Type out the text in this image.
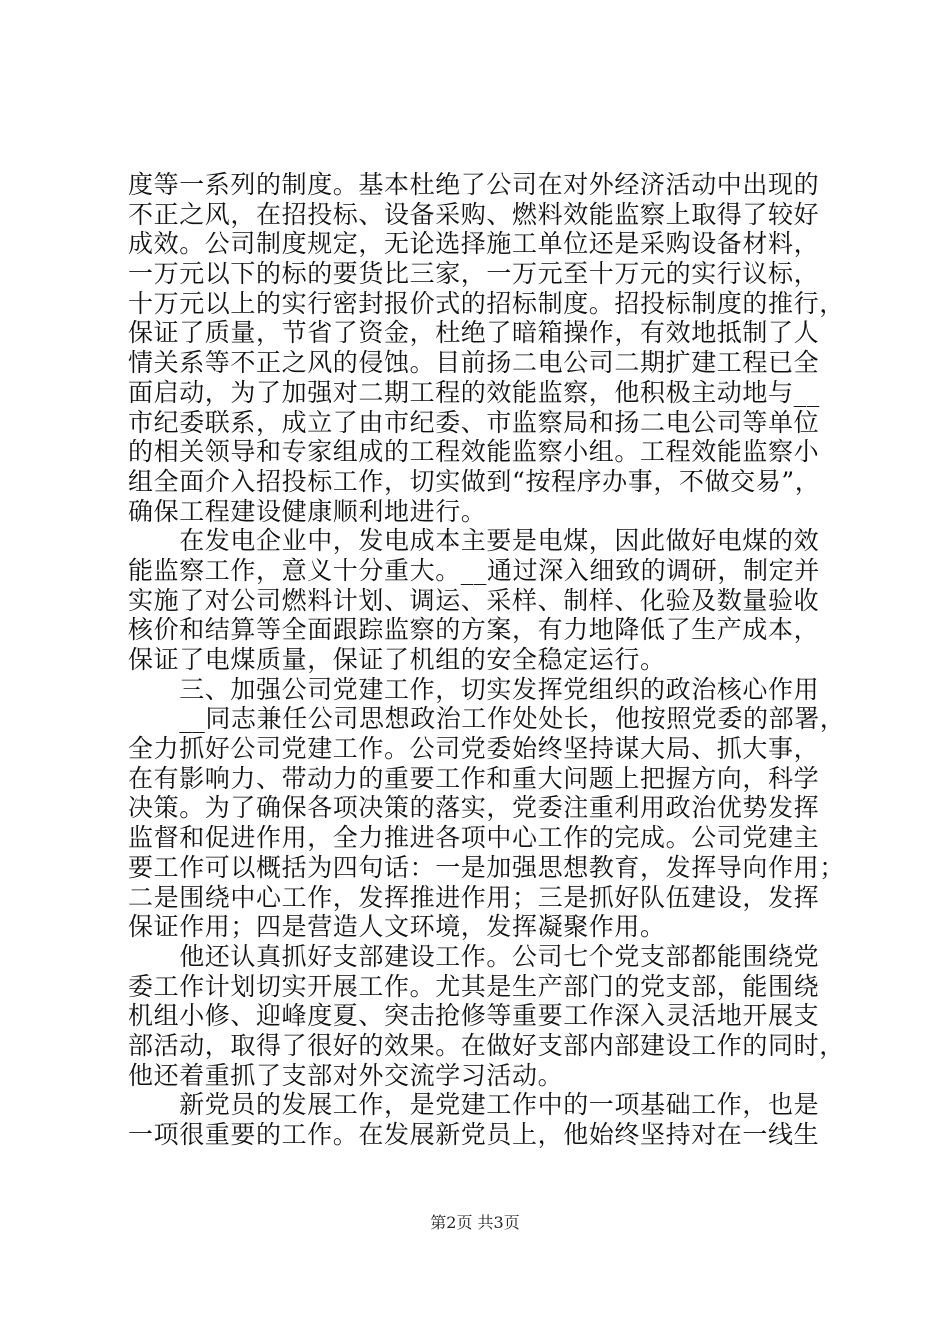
度等一系列的制度。基本杜绝了公司在对外经济活动中出现的
不正之风，在招投标、设备采购、燃料效能监察上取得了较好
成效。公司制度规定，无论选择施工单位还是采购设备材料，
一万元以下的标的要货比三家，一万元至十万元的实行议标，
十万元以上的实行密封报价式的招标制度。招投标制度的推行，
保证了质量，节省了资金，杜绝了暗箱操作，有效地抵制了人
情关系等不正之风的侵蚀。目前扬二电公司二期扩建工程已全
面启动，为了加强对二期工程的效能监察，他积极主动地与__
市纪委联系，成立了由市纪委、市监察局和扬二电公司等单位
的相关领导和专家组成的工程效能监察小组。工程效能监察小
组全面介入招投标工作，切实做到“按程序办事，不做交易”，
确保工程建设健康顺利地进行。
　　在发电企业中，发电成本主要是电煤，因此做好电煤的效
能监察工作，意义十分重大。__通过深入细致的调研，制定并
实施了对公司燃料计划、调运、采样、制样、化验及数量验收
核价和结算等全面跟踪监察的方案，有力地降低了生产成本，
保证了电煤质量，保证了机组的安全稳定运行。
　　三、加强公司党建工作，切实发挥党组织的政治核心作用
　　__同志兼任公司思想政治工作处处长，他按照党委的部署，
全力抓好公司党建工作。公司党委始终坚持谋大局、抓大事，
在有影响力、带动力的重要工作和重大问题上把握方向，科学
决策。为了确保各项决策的落实，党委注重利用政治优势发挥
监督和促进作用，全力推进各项中心工作的完成。公司党建主
要工作可以概括为四句话：一是加强思想教育，发挥导向作用；
二是围绕中心工作，发挥推进作用；三是抓好队伍建设，发挥
保证作用；四是营造人文环境，发挥凝聚作用。
　　他还认真抓好支部建设工作。公司七个党支部都能围绕党
委工作计划切实开展工作。尤其是生产部门的党支部，能围绕
机组小修、迎峰度夏、突击抢修等重要工作深入灵活地开展支
部活动，取得了很好的效果。在做好支部内部建设工作的同时，
他还着重抓了支部对外交流学习活动。
　　新党员的发展工作，是党建工作中的一项基础工作，也是
一项很重要的工作。在发展新党员上，他始终坚持对在一线生
第2页 共3页
